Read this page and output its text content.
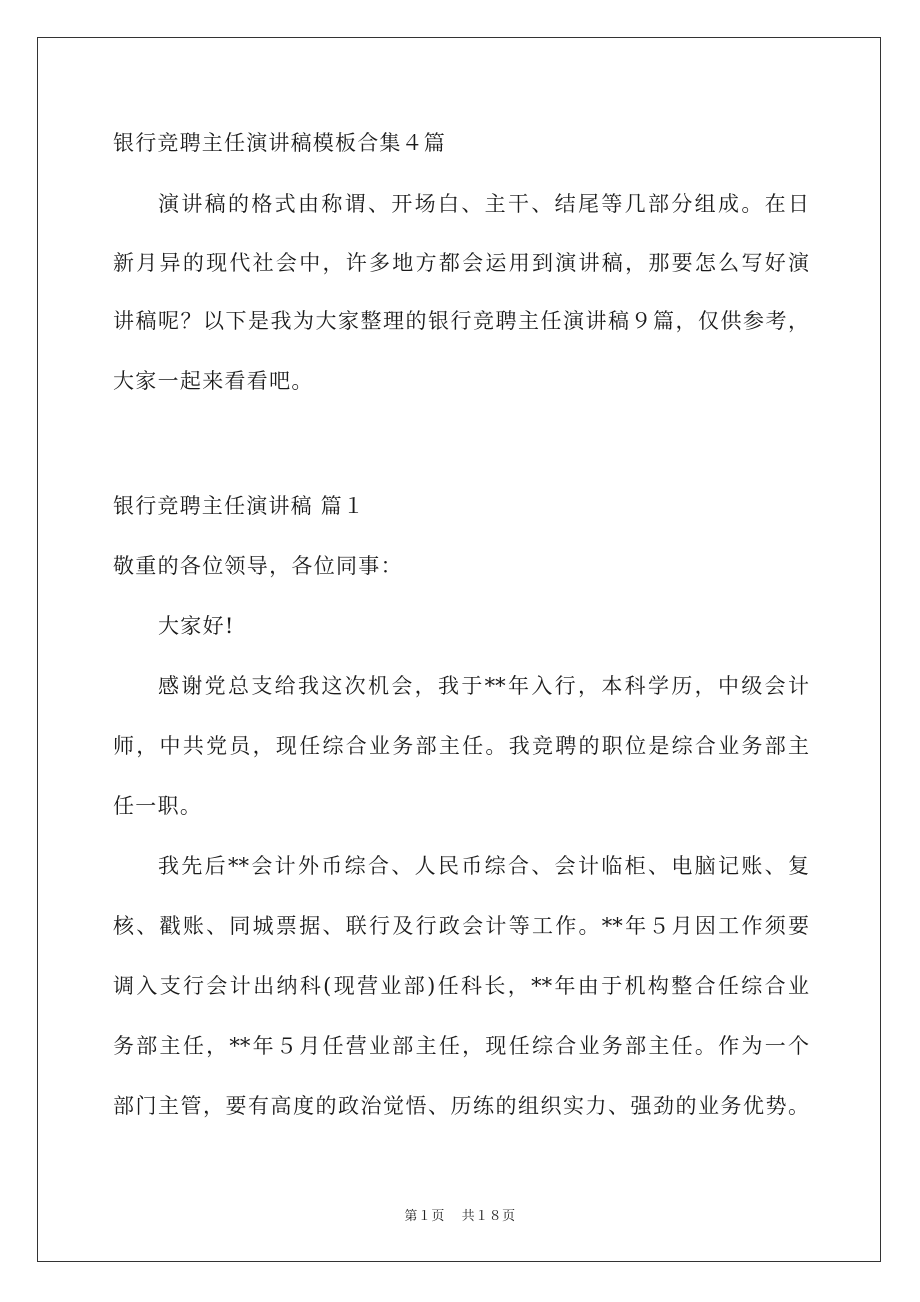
银行竞聘主任演讲稿模板合集４篇
演讲稿的格式由称谓、开场白、主干、结尾等几部分组成。在日
新月异的现代社会中，许多地方都会运用到演讲稿，那要怎么写好演
讲稿呢？以下是我为大家整理的银行竞聘主任演讲稿９篇，仅供参考，
大家一起来看看吧。
银行竞聘主任演讲稿 篇１
敬重的各位领导，各位同事：
大家好!
感谢党总支给我这次机会，我于**年入行，本科学历，中级会计
师，中共党员，现任综合业务部主任。我竞聘的职位是综合业务部主
任一职。
我先后**会计外币综合、人民币综合、会计临柜、电脑记账、复
核、戳账、同城票据、联行及行政会计等工作。**年５月因工作须要
调入支行会计出纳科(现营业部)任科长，**年由于机构整合任综合业
务部主任，**年５月任营业部主任，现任综合业务部主任。作为一个
部门主管，要有高度的政治觉悟、历练的组织实力、强劲的业务优势。
第１页 共１８页
